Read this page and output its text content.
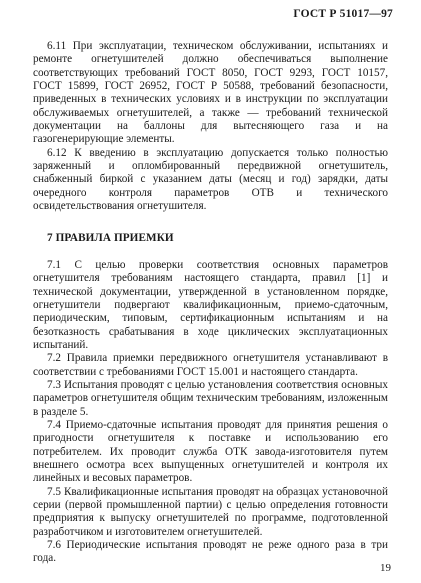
ГОСТ Р 51017—97

6.11 При эксплуатации, техническом обслуживании, испытаниях и ремонте огнетушителей должно обеспечиваться выполнение соответствующих требований ГОСТ 8050, ГОСТ 9293, ГОСТ 10157, ГОСТ 15899, ГОСТ 26952, ГОСТ Р 50588, требований безопасности, приведенных в технических условиях и в инструкции по эксплуатации обслуживаемых огнетушителей, а также — требований технической документации на баллоны для вытесняющего газа и на газогенерирующие элементы.

6.12 К введению в эксплуатацию допускается только полностью заряженный и опломбированный передвижной огнетушитель, снабженный биркой с указанием даты (месяц и год) зарядки, даты очередного контроля параметров ОТВ и технического освидетельствования огнетушителя.

7 ПРАВИЛА ПРИЕМКИ

7.1 С целью проверки соответствия основных параметров огнетушителя требованиям настоящего стандарта, правил [1] и технической документации, утвержденной в установленном порядке, огнетушители подвергают квалификационным, приемо-сдаточным, периодическим, типовым, сертификационным испытаниям и на безотказность срабатывания в ходе циклических эксплуатационных испытаний.

7.2 Правила приемки передвижного огнетушителя устанавливают в соответствии с требованиями ГОСТ 15.001 и настоящего стандарта.

7.3 Испытания проводят с целью установления соответствия основных параметров огнетушителя общим техническим требованиям, изложенным в разделе 5.

7.4 Приемо-сдаточные испытания проводят для принятия решения о пригодности огнетушителя к поставке и использованию его потребителем. Их проводит служба ОТК завода-изготовителя путем внешнего осмотра всех выпущенных огнетушителей и контроля их линейных и весовых параметров.

7.5 Квалификационные испытания проводят на образцах установочной серии (первой промышленной партии) с целью определения готовности предприятия к выпуску огнетушителей по программе, подготовленной разработчиком и изготовителем огнетушителей.

7.6 Периодические испытания проводят не реже одного раза в три года.

19
